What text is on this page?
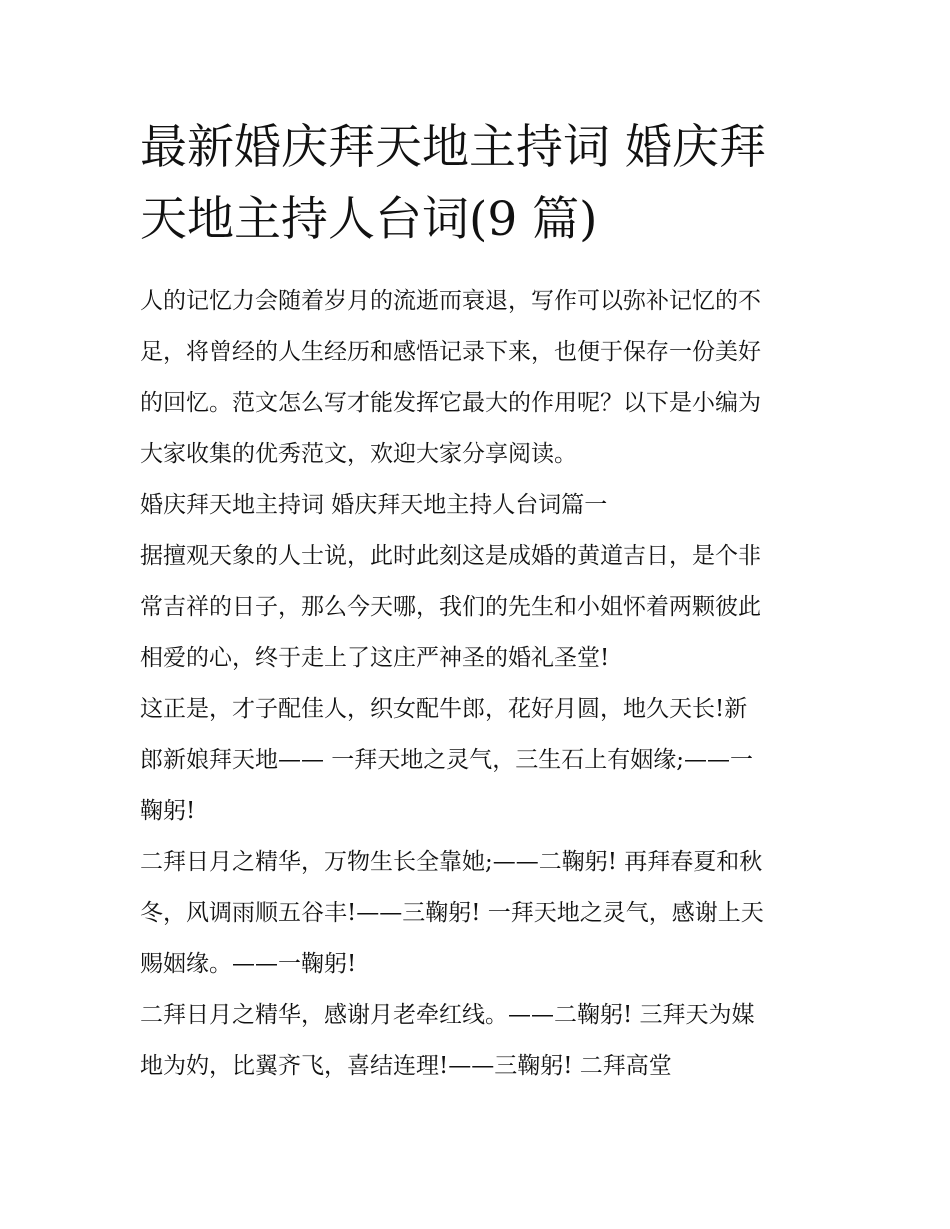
最新婚庆拜天地主持词 婚庆拜
天地主持人台词(9 篇)
人的记忆力会随着岁月的流逝而衰退，写作可以弥补记忆的不
足，将曾经的人生经历和感悟记录下来，也便于保存一份美好
的回忆。范文怎么写才能发挥它最大的作用呢？以下是小编为
大家收集的优秀范文，欢迎大家分享阅读。
婚庆拜天地主持词 婚庆拜天地主持人台词篇一
据擅观天象的人士说，此时此刻这是成婚的黄道吉日，是个非
常吉祥的日子，那么今天哪，我们的先生和小姐怀着两颗彼此
相爱的心，终于走上了这庄严神圣的婚礼圣堂!
这正是，才子配佳人，织女配牛郎，花好月圆，地久天长!新
郎新娘拜天地—— 一拜天地之灵气，三生石上有姻缘;——一
鞠躬!
二拜日月之精华，万物生长全靠她;——二鞠躬! 再拜春夏和秋
冬，风调雨顺五谷丰!——三鞠躬! 一拜天地之灵气，感谢上天
赐姻缘。——一鞠躬!
二拜日月之精华，感谢月老牵红线。——二鞠躬! 三拜天为媒
地为妁，比翼齐飞，喜结连理!——三鞠躬! 二拜高堂
